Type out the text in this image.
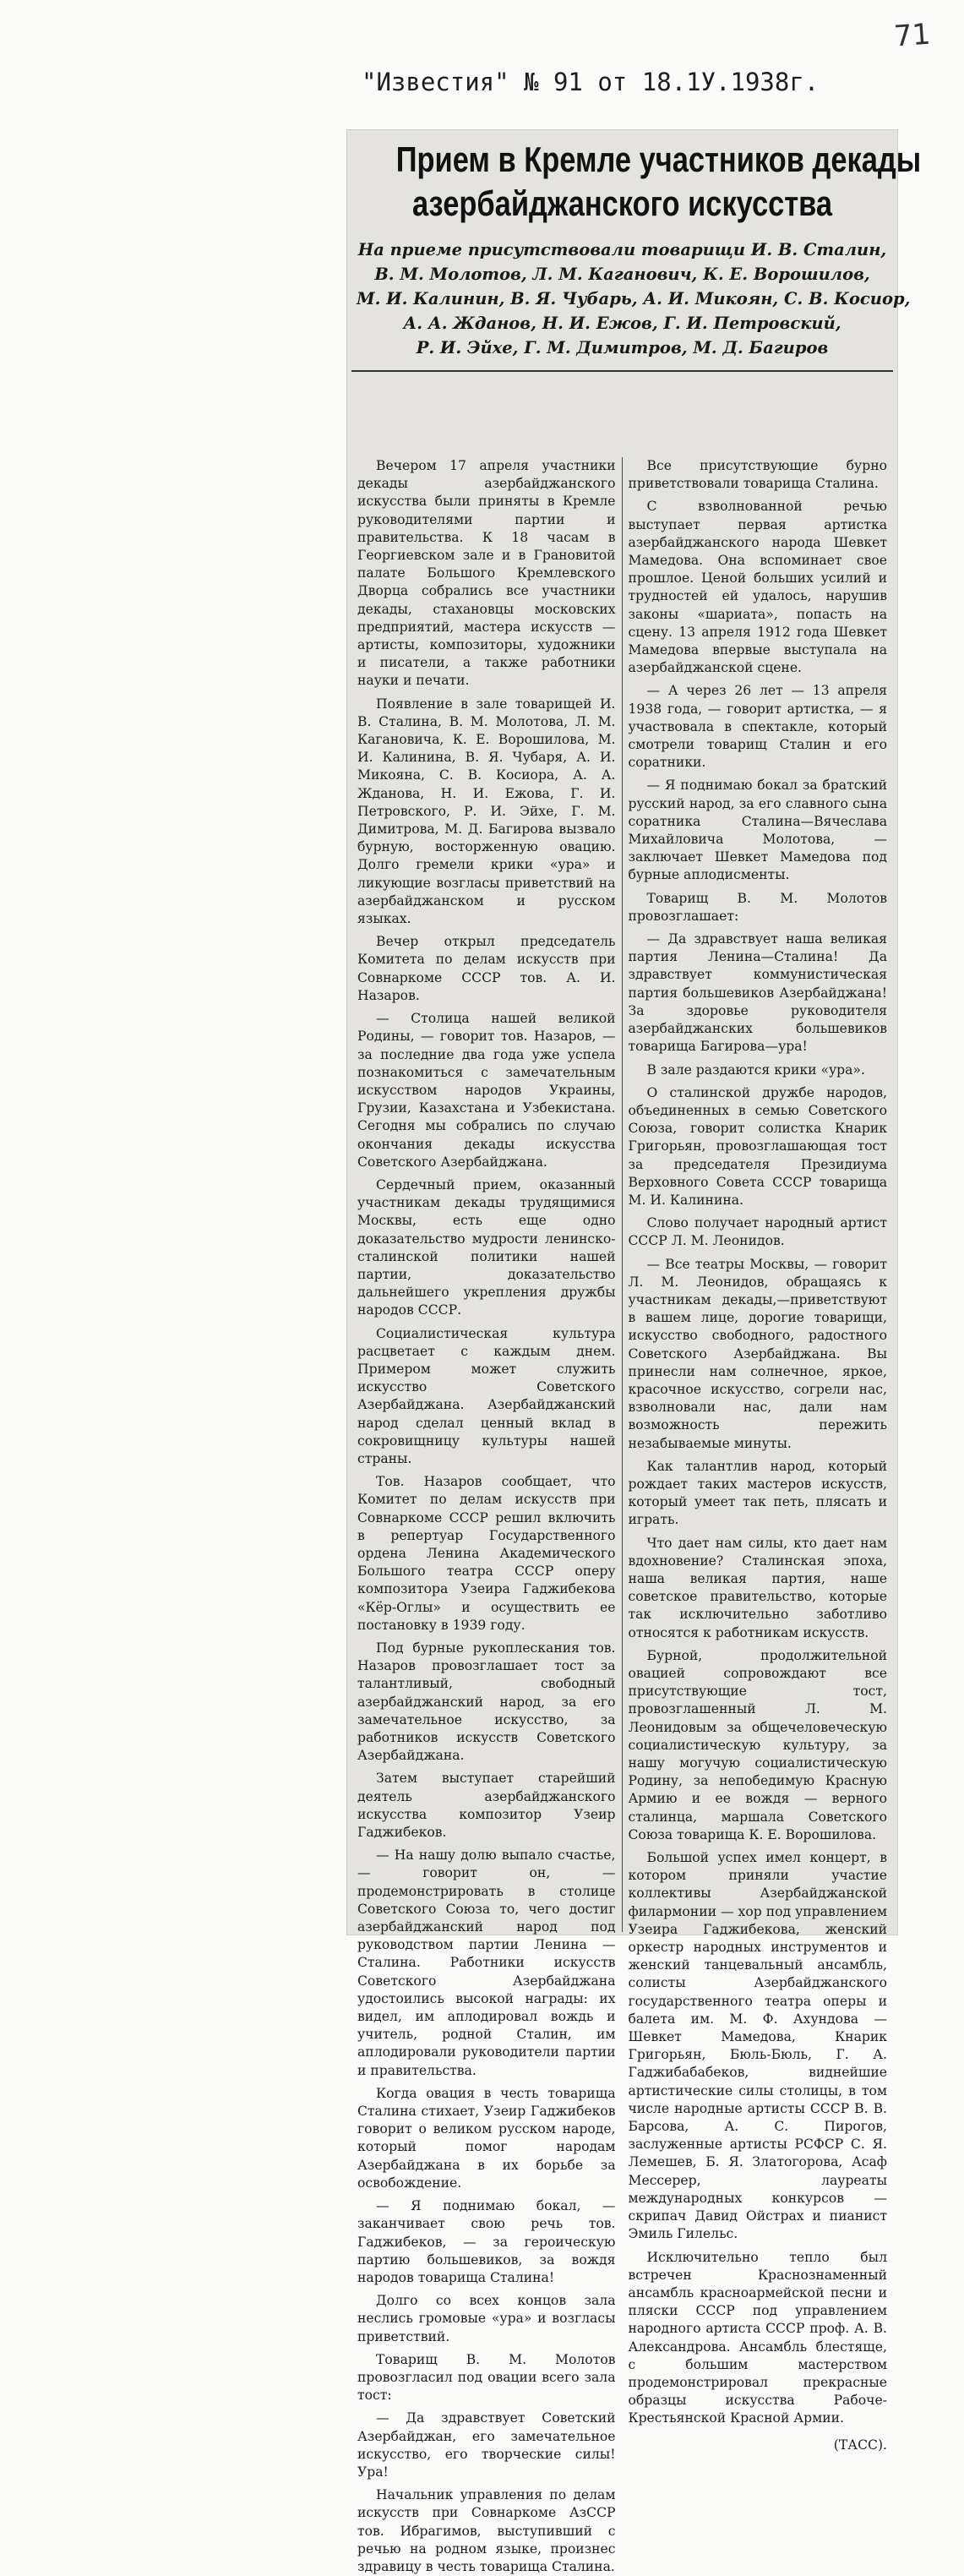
71
"Известия" № 91 от 18.1У.1938г.
Прием в Кремле участников декады
азербайджанского искусства
На приеме присутствовали товарищи И. В. Сталин,
В. М. Молотов, Л. М. Каганович, К. Е. Ворошилов,
М. И. Калинин, В. Я. Чубарь, А. И. Микоян, С. В. Косиор,
А. А. Жданов, Н. И. Ежов, Г. И. Петровский,
Р. И. Эйхе, Г. М. Димитров, М. Д. Багиров

Вечером 17 апреля участники декады азербайджанского искусства были приняты в Кремле руководителями партии и правительства. К 18 часам в Георгиевском зале и в Грановитой палате Большого Кремлевского Дворца собрались все участники декады, стахановцы московских предприятий, мастера искусств — артисты, композиторы, художники и писатели, а также работники науки и печати.

Появление в зале товарищей И. В. Сталина, В. М. Молотова, Л. М. Кагановича, К. Е. Ворошилова, М. И. Калинина, В. Я. Чубаря, А. И. Микояна, С. В. Косиора, А. А. Жданова, Н. И. Ежова, Г. И. Петровского, Р. И. Эйхе, Г. М. Димитрова, М. Д. Багирова вызвало бурную, восторженную овацию. Долго гремели крики «ура» и ликующие возгласы приветствий на азербайджанском и русском языках.

Вечер открыл председатель Комитета по делам искусств при Совнаркоме СССР тов. А. И. Назаров.

— Столица нашей великой Родины, — говорит тов. Назаров, — за последние два года уже успела познакомиться с замечательным искусством народов Украины, Грузии, Казахстана и Узбекистана. Сегодня мы собрались по случаю окончания декады искусства Советского Азербайджана.

Сердечный прием, оказанный участникам декады трудящимися Москвы, есть еще одно доказательство мудрости ленинско-сталинской политики нашей партии, доказательство дальнейшего укрепления дружбы народов СССР.

Социалистическая культура расцветает с каждым днем. Примером может служить искусство Советского Азербайджана. Азербайджанский народ сделал ценный вклад в сокровищницу культуры нашей страны.

Тов. Назаров сообщает, что Комитет по делам искусств при Совнаркоме СССР решил включить в репертуар Государственного ордена Ленина Академического Большого театра СССР оперу композитора Узеира Гаджибекова «Кёр-Оглы» и осуществить ее постановку в 1939 году.

Под бурные рукоплескания тов. Назаров провозглашает тост за талантливый, свободный азербайджанский народ, за его замечательное искусство, за работников искусств Советского Азербайджана.

Затем выступает старейший деятель азербайджанского искусства композитор Узеир Гаджибеков.

— На нашу долю выпало счастье, — говорит он, — продемонстрировать в столице Советского Союза то, чего достиг азербайджанский народ под руководством партии Ленина — Сталина. Работники искусств Советского Азербайджана удостоились высокой награды: их видел, им аплодировал вождь и учитель, родной Сталин, им аплодировали руководители партии и правительства.

Когда овация в честь товарища Сталина стихает, Узеир Гаджибеков говорит о великом русском народе, который помог народам Азербайджана в их борьбе за освобождение.

— Я поднимаю бокал, — заканчивает свою речь тов. Гаджибеков, — за героическую партию большевиков, за вождя народов товарища Сталина!

Долго со всех концов зала неслись громовые «ура» и возгласы приветствий.

Товарищ В. М. Молотов провозгласил под овации всего зала тост:

— Да здравствует Советский Азербайджан, его замечательное искусство, его творческие силы! Ура!

Начальник управления по делам искусств при Совнаркоме АзССР тов. Ибрагимов, выступивший с речью на родном языке, произнес здравицу в честь товарища Сталина.

Все присутствующие бурно приветствовали товарища Сталина.

С взволнованной речью выступает первая артистка азербайджанского народа Шевкет Мамедова. Она вспоминает свое прошлое. Ценой больших усилий и трудностей ей удалось, нарушив законы «шариата», попасть на сцену. 13 апреля 1912 года Шевкет Мамедова впервые выступала на азербайджанской сцене.

— А через 26 лет — 13 апреля 1938 года, — говорит артистка, — я участвовала в спектакле, который смотрели товарищ Сталин и его соратники.

— Я поднимаю бокал за братский русский народ, за его славного сына соратника Сталина—Вячеслава Михайловича Молотова, — заключает Шевкет Мамедова под бурные аплодисменты.

Товарищ В. М. Молотов провозглашает:

— Да здравствует наша великая партия Ленина—Сталина! Да здравствует коммунистическая партия большевиков Азербайджана! За здоровье руководителя азербайджанских большевиков товарища Багирова—ура!

В зале раздаются крики «ура».

О сталинской дружбе народов, объединенных в семью Советского Союза, говорит солистка Кнарик Григорьян, провозглашающая тост за председателя Президиума Верховного Совета СССР товарища М. И. Калинина.

Слово получает народный артист СССР Л. М. Леонидов.

— Все театры Москвы, — говорит Л. М. Леонидов, обращаясь к участникам декады,—приветствуют в вашем лице, дорогие товарищи, искусство свободного, радостного Советского Азербайджана. Вы принесли нам солнечное, яркое, красочное искусство, согрели нас, взволновали нас, дали нам возможность пережить незабываемые минуты.

Как талантлив народ, который рождает таких мастеров искусств, который умеет так петь, плясать и играть.

Что дает нам силы, кто дает нам вдохновение? Сталинская эпоха, наша великая партия, наше советское правительство, которые так исключительно заботливо относятся к работникам искусств.

Бурной, продолжительной овацией сопровождают все присутствующие тост, провозглашенный Л. М. Леонидовым за общечеловеческую социалистическую культуру, за нашу могучую социалистическую Родину, за непобедимую Красную Армию и ее вождя — верного сталинца, маршала Советского Союза товарища К. Е. Ворошилова.

Большой успех имел концерт, в котором приняли участие коллективы Азербайджанской филармонии — хор под управлением Узеира Гаджибекова, женский оркестр народных инструментов и женский танцевальный ансамбль, солисты Азербайджанского государственного театра оперы и балета им. М. Ф. Ахундова — Шевкет Мамедова, Кнарик Григорьян, Бюль-Бюль, Г. А. Гаджибабабеков, виднейшие артистические силы столицы, в том числе народные артисты СССР В. В. Барсова, А. С. Пирогов, заслуженные артисты РСФСР С. Я. Лемешев, Б. Я. Златогорова, Асаф Мессерер, лауреаты международных конкурсов — скрипач Давид Ойстрах и пианист Эмиль Гилельс.

Исключительно тепло был встречен Краснознаменный ансамбль красноармейской песни и пляски СССР под управлением народного артиста СССР проф. А. В. Александрова. Ансамбль блестяще, с большим мастерством продемонстрировал прекрасные образцы искусства Рабоче-Крестьянской Красной Армии.

(ТАСС).
